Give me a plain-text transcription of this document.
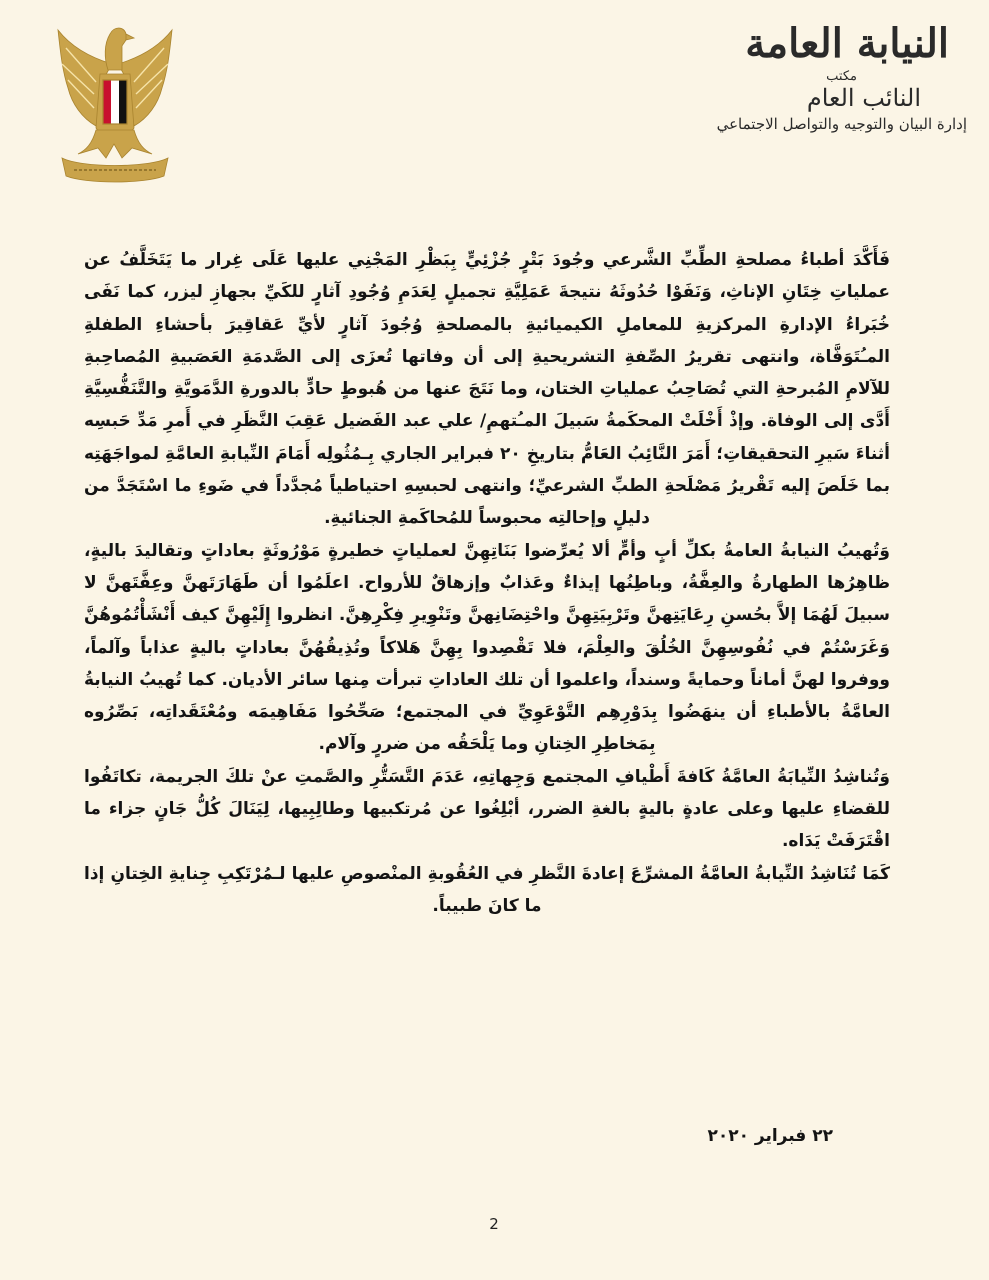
النيابة العامة
مكتب
النائب العام
إدارة البيان والتوجيه والتواصل الاجتماعي

فَأَكَّدَ أطباءُ مصلحةِ الطِّبِّ الشَّرعي وجُودَ بَتْرٍ جُزْئِيٍّ بِبَظْرِ المَجْنِي عليها عَلَى غِرار ما يَتَخَلَّفُ عن عملياتِ خِتَانِ الإناثِ، وَنَفَوْا حُدُوثَهُ نتيجةَ عَمَلِيَّةِ تجميلٍ لِعَدَمِ وُجُودِ آثارٍ للكَيِّ بجهازِ ليزر، كما نَفَى خُبَراءُ الإدارةِ المركزيةِ للمعاملِ الكيميائيةِ بالمصلحةِ وُجُودَ آثارٍ لأيِّ عَقاقِيرَ بأحشاءِ الطفلةِ المـُتَوَفَّاة، وانتهى تقريرُ الصِّفةِ التشريحيةِ إلى أن وفاتها تُعزَى إلى الصَّدمَةِ العَصَبيةِ المُصاحِبةِ للآلامِ المُبرحةِ التي تُصَاحِبُ عملياتِ الختان، وما نَتَجَ عنها من هُبوطٍ حادٍّ بالدورةِ الدَّمَويَّةِ والتَّنَفُّسِيَّةِ أَدَّى إلى الوفاة. وإذْ أَخْلَتْ المحكَمةُ سَبيلَ المـُتهمِ/ علي عبد الفَضيل عَقِبَ النَّظَرِ في أَمرِ مَدِّ حَبسِه أثناءَ سَيرِ التحقيقاتِ؛ أَمَرَ النَّائِبُ العَامُّ بتاريخِ ٢٠ فبراير الجاري بِـمُثُولِه أَمَامَ النِّيابةِ العامَّةِ لمواجَهَتِه بما خَلَصَ إليه تَقْريرُ مَصْلَحةِ الطبِّ الشرعيِّ؛ وانتهى لحبسِهِ احتياطياً مُجدَّداً في ضَوءِ ما اسْتَجَدَّ من دليلٍ وإحالتِه محبوساً للمُحاكَمةِ الجنائيةِ.

وَتُهيبُ النيابةُ العامةُ بكلِّ أبٍ وأمٍّ ألا يُعرِّضوا بَنَاتِهِنَّ لعملياتٍ خطيرةٍ مَوْرُوثَةٍ بعاداتٍ وتقاليدَ باليةٍ، ظاهِرُها الطهارةُ والعِفَّةُ، وباطِنُها إيذاءٌ وعَذابٌ وإزهاقٌ للأرواح. اعلَمُوا أن طَهَارَتَهنَّ وعِفَّتَهنَّ لا سبيلَ لَهُمَا إلاَّ بحُسنِ رِعَايَتِهنَّ وتَرْبِيَتِهِنَّ واحْتِضَانِهنَّ وتَنْوِيرِ فِكْرِهِنَّ. انظروا إِلَيْهِنَّ كيف أَنْشَأْتُمُوهُنَّ وَغَرَسْتُمْ في نُفُوسِهِنَّ الخُلُقَ والعِلْمَ، فلا تَقْصِدوا بِهِنَّ هَلاكاً وتُذِيقُهُنَّ بعاداتٍ باليةٍ عذاباً وآلماً، ووفروا لهنَّ أماناً وحمايةً وسنداً، واعلموا أن تلك العاداتِ تبرأت مِنها سائر الأديان. كما تُهيبُ النيابةُ العامَّةُ بالأطباءِ أن ينهَضُوا بِدَوْرِهِم التَّوْعَوِيِّ في المجتمع؛ صَحِّحُوا مَفَاهِيمَه ومُعْتَقَداتِه، بَصِّرُوه بِمَخاطِرِ الخِتانِ وما يَلْحَقُه من ضررٍ وآلام.

وَتُناشِدُ النِّيابَةُ العامَّةُ كَافةَ أَطْيافِ المجتمع وَجِهاتِهِ، عَدَمَ التَّسَتُّرِ والصَّمتِ عنْ تلكَ الجريمة، تكاتَفُوا للقضاءِ عليها وعلى عادةٍ باليةٍ بالغةِ الضرر، أبْلِغُوا عن مُرتكبيها وطالِبِيها، لِيَنَالَ كُلُّ جَانٍ جزاء ما اقْتَرَفَتْ يَدَاه.

كَمَا تُنَاشِدُ النِّيابةُ العامَّةُ المشرِّعَ إعادةَ النَّظرِ في العُقُوبةِ المنْصوصِ عليها لـمُرْتَكِبِ جِنايةِ الخِتانِ إذا ما كانَ طبيباً.

٢٢ فبراير ٢٠٢٠
2
